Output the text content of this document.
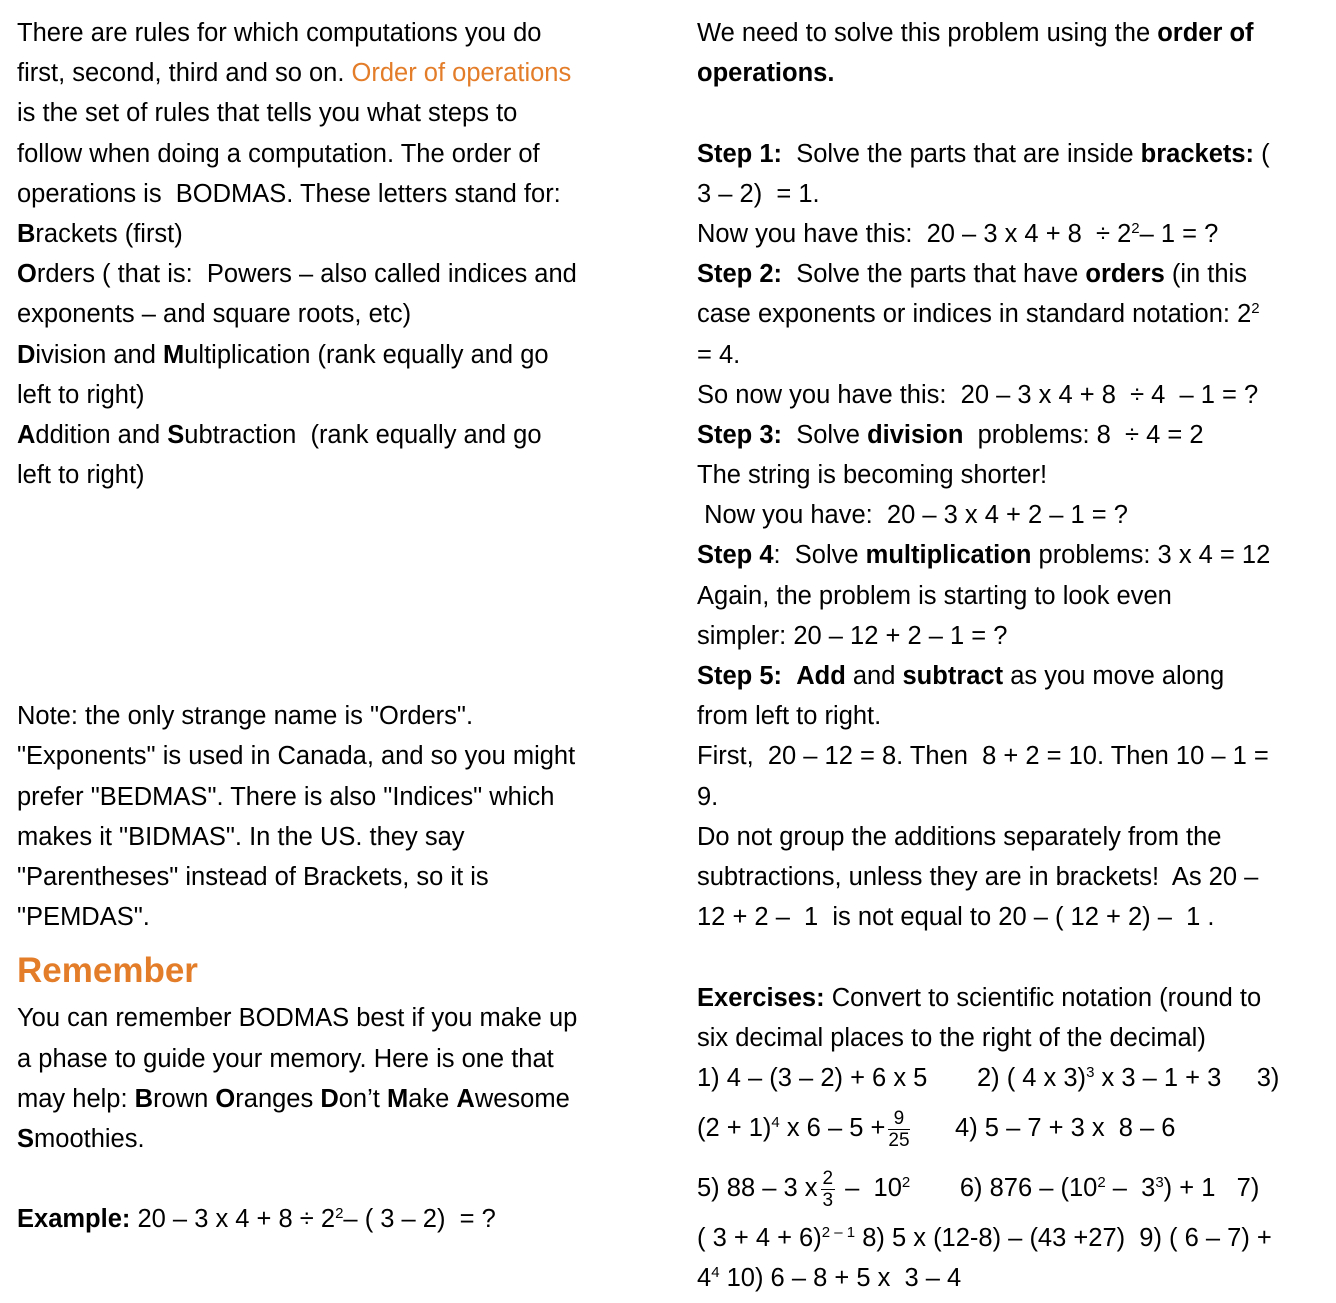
There are rules for which computations you do
first, second, third and so on. Order of operations
is the set of rules that tells you what steps to
follow when doing a computation. The order of
operations is  BODMAS. These letters stand for:
Brackets (first)
Orders ( that is:  Powers – also called indices and
exponents – and square roots, etc)
Division and Multiplication (rank equally and go
left to right)
Addition and Subtraction  (rank equally and go
left to right)
Note: the only strange name is "Orders".
"Exponents" is used in Canada, and so you might
prefer "BEDMAS". There is also "Indices" which
makes it "BIDMAS". In the US. they say
"Parentheses" instead of Brackets, so it is
"PEMDAS".
Remember
You can remember BODMAS best if you make up
a phase to guide your memory. Here is one that
may help: Brown Oranges Don’t Make Awesome
Smoothies.
Example: 20 – 3 x $4 + 8 \div 2^2-$ ( 3 – 2)  = ?
We need to solve this problem using the order of
operations.
Step 1:  Solve the parts that are inside brackets: (
3 – 2)  = 1.
Now you have this:  20 – 3 x $4 + 8 \div 2^2-$ 1 = ?
Step 2:  Solve the parts that have orders (in this
case exponents or indices in standard notation: $2^2$
= 4.
So now you have this:  20 – 3 x 4 + 8  ÷ 4  – 1 = ?
Step 3:  Solve division  problems: 8  ÷ 4 = 2
The string is becoming shorter!
Now you have:  20 – 3 x 4 + 2 – 1 = ?
Step 4:  Solve multiplication problems: 3 x 4 = 12
Again, the problem is starting to look even
simpler: 20 – 12 + 2 – 1 = ?
Step 5: Add and subtract as you move along
from left to right.
First,  20 – 12 = 8. Then  8 + 2 = 10. Then 10 – 1 =
9.
Do not group the additions separately from the
subtractions, unless they are in brackets!  As 20 –
12 + 2 –  1  is not equal to 20 – ( 12 + 2) –  1 .
Exercises: Convert to scientific notation (round to
six decimal places to the right of the decimal)
1) 4 – (3 – 2) + 6 x 5 2) ( 4 x 3)$^3$ x 3 – 1 + 3 3)
$(2 + 1)^4$ x $6 - 5 + \frac{9}{25} 4$) 5 – 7 + 3 x  8 – 6
5) 88 – 3 x $\frac{2}{3} - 10^2$ 6) $876 - (10^2 - 3^3) + 1$ 7)
( 3 + 4 + 6)$^{2 - 1}$ 8) 5 x (12-8) – (43 +27)  9) ( 6 – 7) +
$4^4$ 10) 6 – 8 + 5 x  3 – 4
